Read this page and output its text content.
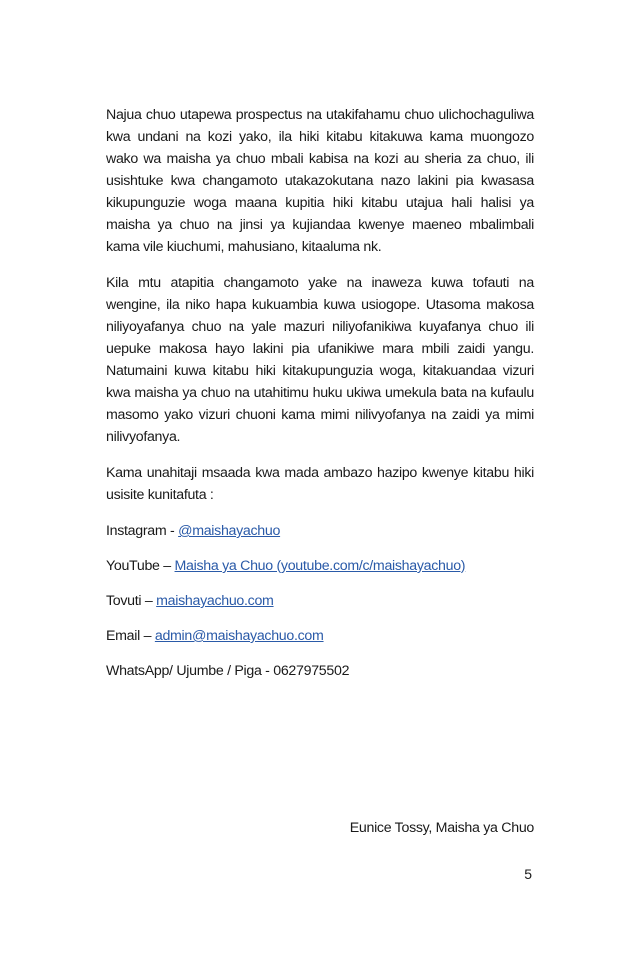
Najua chuo utapewa prospectus na utakifahamu chuo ulichochaguliwa kwa undani na kozi yako, ila hiki kitabu kitakuwa kama muongozo wako wa maisha ya chuo mbali kabisa na kozi au sheria za chuo, ili usishtuke kwa changamoto utakazokutana nazo lakini pia kwasasa kikupunguzie woga maana kupitia hiki kitabu utajua hali halisi ya maisha ya chuo na jinsi ya kujiandaa kwenye maeneo mbalimbali kama vile kiuchumi, mahusiano, kitaaluma nk.

Kila mtu atapitia changamoto yake na inaweza kuwa tofauti na wengine, ila niko hapa kukuambia kuwa usiogope. Utasoma makosa niliyoyafanya chuo na yale mazuri niliyofanikiwa kuyafanya chuo ili uepuke makosa hayo lakini pia ufanikiwe mara mbili zaidi yangu. Natumaini kuwa kitabu hiki kitakupunguzia woga, kitakuandaa vizuri kwa maisha ya chuo na utahitimu huku ukiwa umekula bata na kufaulu masomo yako vizuri chuoni kama mimi nilivyofanya na zaidi ya mimi nilivyofanya.

Kama unahitaji msaada kwa mada ambazo hazipo kwenye kitabu hiki usisite kunitafuta :

Instagram - @maishayachuo

YouTube – Maisha ya Chuo (youtube.com/c/maishayachuo)

Tovuti – maishayachuo.com

Email – admin@maishayachuo.com

WhatsApp/ Ujumbe / Piga - 0627975502

Eunice Tossy, Maisha ya Chuo
5
